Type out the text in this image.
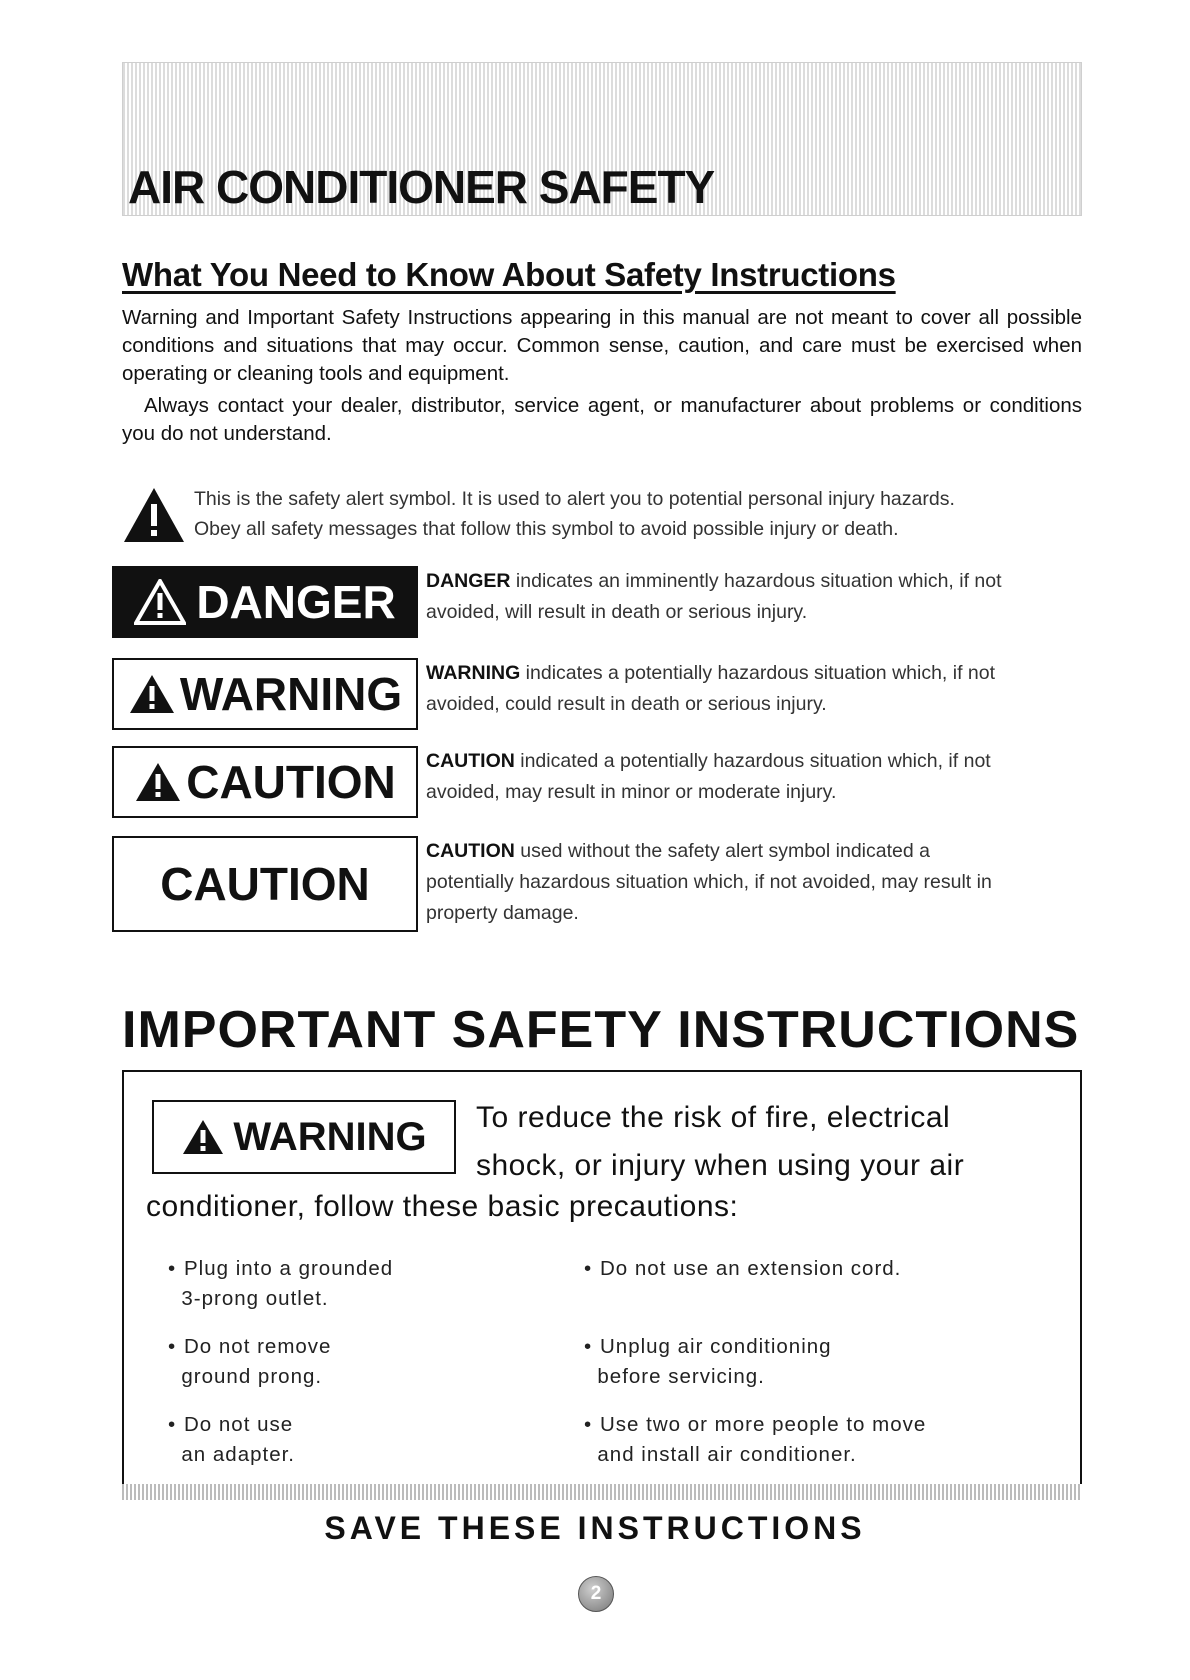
AIR CONDITIONER SAFETY
What You Need to Know About Safety Instructions

Warning and Important Safety Instructions appearing in this manual are not meant to cover all possible conditions and situations that may occur. Common sense, caution, and care must be exercised when operating or cleaning tools and equipment.

Always contact your dealer, distributor, service agent, or manufacturer about problems or conditions you do not understand.

This is the safety alert symbol. It is used to alert you to potential personal injury hazards.
Obey all safety messages that follow this symbol to avoid possible injury or death.
DANGER DANGER indicates an imminently hazardous situation which, if not
avoided, will result in death or serious injury.
WARNING WARNING indicates a potentially hazardous situation which, if not
avoided, could result in death or serious injury.
CAUTION CAUTION indicated a potentially hazardous situation which, if not
avoided, may result in minor or moderate injury.
CAUTION
CAUTION used without the safety alert symbol indicated a
potentially hazardous situation which, if not avoided, may result in
property damage.
IMPORTANT SAFETY INSTRUCTIONS
WARNING To reduce the risk of fire, electrical
shock, or injury when using your air
conditioner, follow these basic precautions:
• Plug into a grounded
3-prong outlet.
• Do not use an extension cord.
• Do not remove
ground prong.
• Unplug air conditioning
before servicing.
• Do not use
an adapter.
• Use two or more people to move
and install air conditioner.
SAVE THESE INSTRUCTIONS
2
